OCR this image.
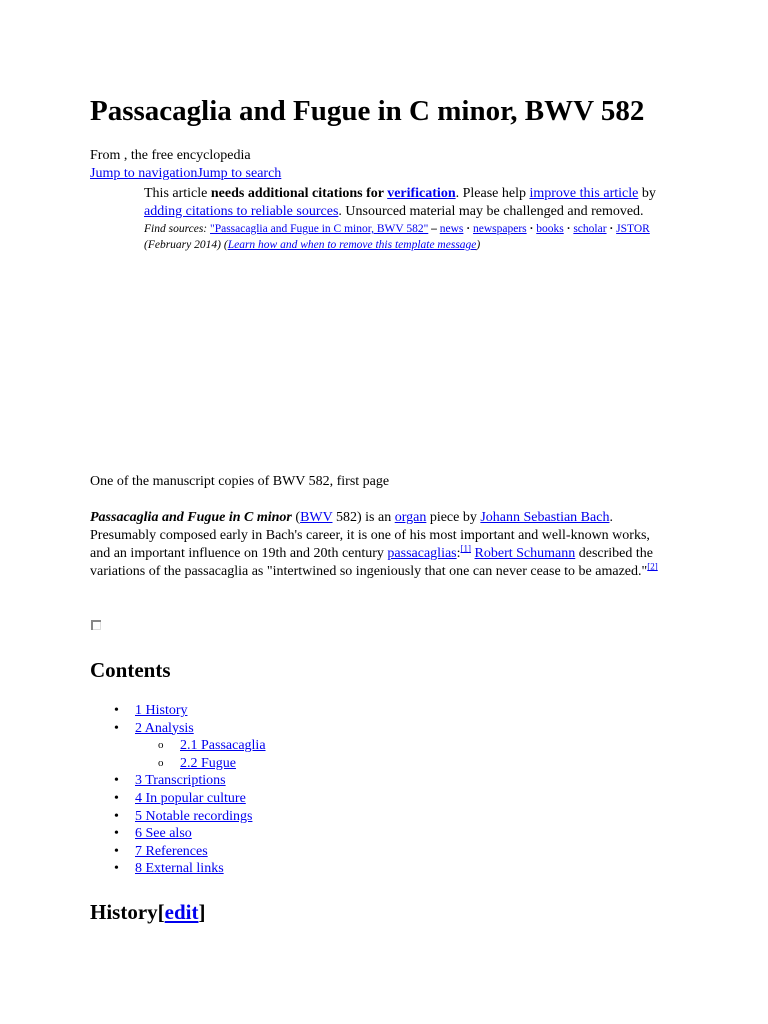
Passacaglia and Fugue in C minor, BWV 582
From , the free encyclopedia
Jump to navigationJump to search
This article needs additional citations for verification. Please help improve this article by adding citations to reliable sources. Unsourced material may be challenged and removed.
Find sources: "Passacaglia and Fugue in C minor, BWV 582" – news · newspapers · books · scholar · JSTOR (February 2014) (Learn how and when to remove this template message)
One of the manuscript copies of BWV 582, first page
Passacaglia and Fugue in C minor (BWV 582) is an organ piece by Johann Sebastian Bach. Presumably composed early in Bach's career, it is one of his most important and well-known works, and an important influence on 19th and 20th century passacaglias:[1] Robert Schumann described the variations of the passacaglia as "intertwined so ingeniously that one can never cease to be amazed."[2]
Contents
• 1 History
• 2 Analysis
o 2.1 Passacaglia
o 2.2 Fugue
• 3 Transcriptions
• 4 In popular culture
• 5 Notable recordings
• 6 See also
• 7 References
• 8 External links
History[edit]
